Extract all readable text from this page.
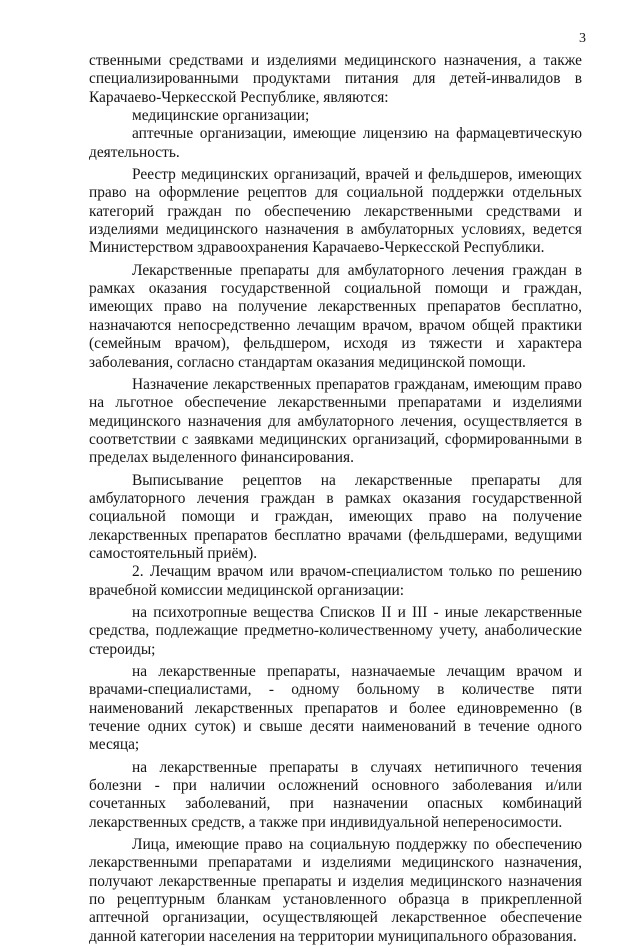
3

ственными средствами и изделиями медицинского назначения, а также специализированными продуктами питания для детей-инвалидов в Карачаево-Черкесской Республике, являются:

медицинские организации;

аптечные организации, имеющие лицензию на фармацевтическую деятельность.

Реестр медицинских организаций, врачей и фельдшеров, имеющих право на оформление рецептов для социальной поддержки отдельных категорий граждан по обеспечению лекарственными средствами и изделиями медицинского назначения в амбулаторных условиях, ведется Министерством здравоохранения Карачаево-Черкесской Республики.

Лекарственные препараты для амбулаторного лечения граждан в рамках оказания государственной социальной помощи и граждан, имеющих право на получение лекарственных препаратов бесплатно, назначаются непосредственно лечащим врачом, врачом общей практики (семейным врачом), фельдшером, исходя из тяжести и характера заболевания, согласно стандартам оказания медицинской помощи.

Назначение лекарственных препаратов гражданам, имеющим право на льготное обеспечение лекарственными препаратами и изделиями медицинского назначения для амбулаторного лечения, осуществляется в соответствии с заявками медицинских организаций, сформированными в пределах выделенного финансирования.

Выписывание рецептов на лекарственные препараты для амбулаторного лечения граждан в рамках оказания государственной социальной помощи и граждан, имеющих право на получение лекарственных препаратов бесплатно врачами (фельдшерами, ведущими самостоятельный приём).

2. Лечащим врачом или врачом-специалистом только по решению врачебной комиссии медицинской организации:

на психотропные вещества Списков II и III - иные лекарственные средства, подлежащие предметно-количественному учету, анаболические стероиды;

на лекарственные препараты, назначаемые лечащим врачом и врачами-специалистами, - одному больному в количестве пяти наименований лекарственных препаратов и более единовременно (в течение одних суток) и свыше десяти наименований в течение одного месяца;

на лекарственные препараты в случаях нетипичного течения болезни - при наличии осложнений основного заболевания и/или сочетанных заболеваний, при назначении опасных комбинаций лекарственных средств, а также при индивидуальной непереносимости.

Лица, имеющие право на социальную поддержку по обеспечению лекарственными препаратами и изделиями медицинского назначения, получают лекарственные препараты и изделия медицинского назначения по рецептурным бланкам установленного образца в прикрепленной аптечной организации, осуществляющей лекарственное обеспечение данной категории населения на территории муниципального образования.
